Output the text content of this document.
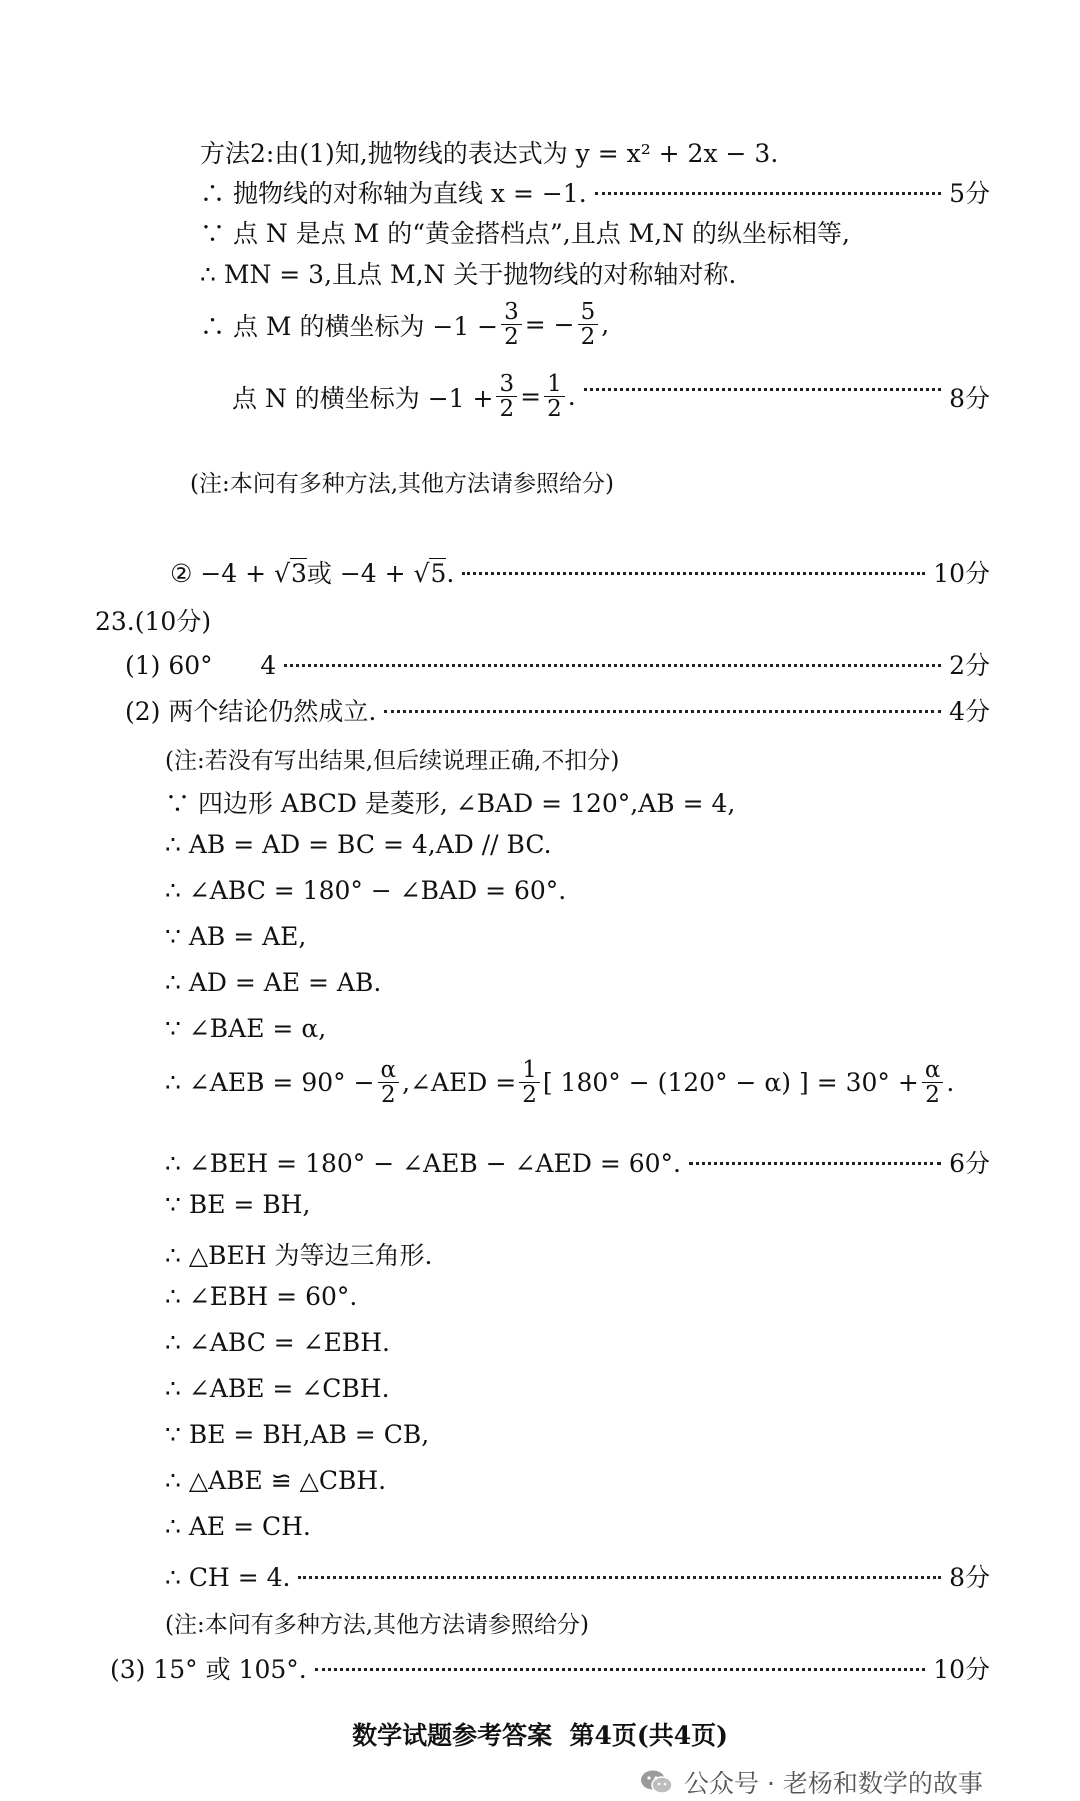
方法2:由(1)知,抛物线的表达式为 y = x² + 2x − 3.
∴ 抛物线的对称轴为直线 x = −1.	5分
∵ 点 N 是点 M 的“黄金搭档点”,且点 M,N 的纵坐标相等,
∴ MN = 3,且点 M,N 关于抛物线的对称轴对称.
∴ 点 M 的横坐标为 $-1 - \frac{3}{2}$ = − $\frac{5}{2}$ ,
点 N 的横坐标为 $-1 + \frac{3}{2} = \frac{1}{2}$ .	8分
(注:本问有多种方法,其他方法请参照给分)
② −4 + √ 3 或 −4 + √ 5 .	10分
23.(10分)
(1) 60°      4	2分
(2) 两个结论仍然成立.	4分
(注:若没有写出结果,但后续说理正确,不扣分)
∵ 四边形 ABCD 是菱形, ∠BAD = 120°,AB = 4,
∴ AB = AD = BC = 4,AD // BC.
∴ ∠ABC = 180° − ∠BAD = 60°.
∵ AB = AE,
∴ AD = AE = AB.
∵ ∠BAE = α,
∴ ∠AEB = $90^\circ - \frac{\alpha}{2}$ ,∠AED = $\frac{1}{2}$ [ 180° − (120° − α) ] = $30^\circ + \frac{\alpha}{2}$ .
∴ ∠BEH = 180° − ∠AEB − ∠AED = 60°.	6分
∵ BE = BH,
∴ △BEH 为等边三角形.
∴ ∠EBH = 60°.
∴ ∠ABC = ∠EBH.
∴ ∠ABE = ∠CBH.
∵ BE = BH,AB = CB,
∴ △ABE ≌ △CBH.
∴ AE = CH.
∴ CH = 4.	8分
(注:本问有多种方法,其他方法请参照给分)
(3) 15° 或 105°.	10分
数学试题参考答案  第4页(共4页)
公众号 · 老杨和数学的故事
